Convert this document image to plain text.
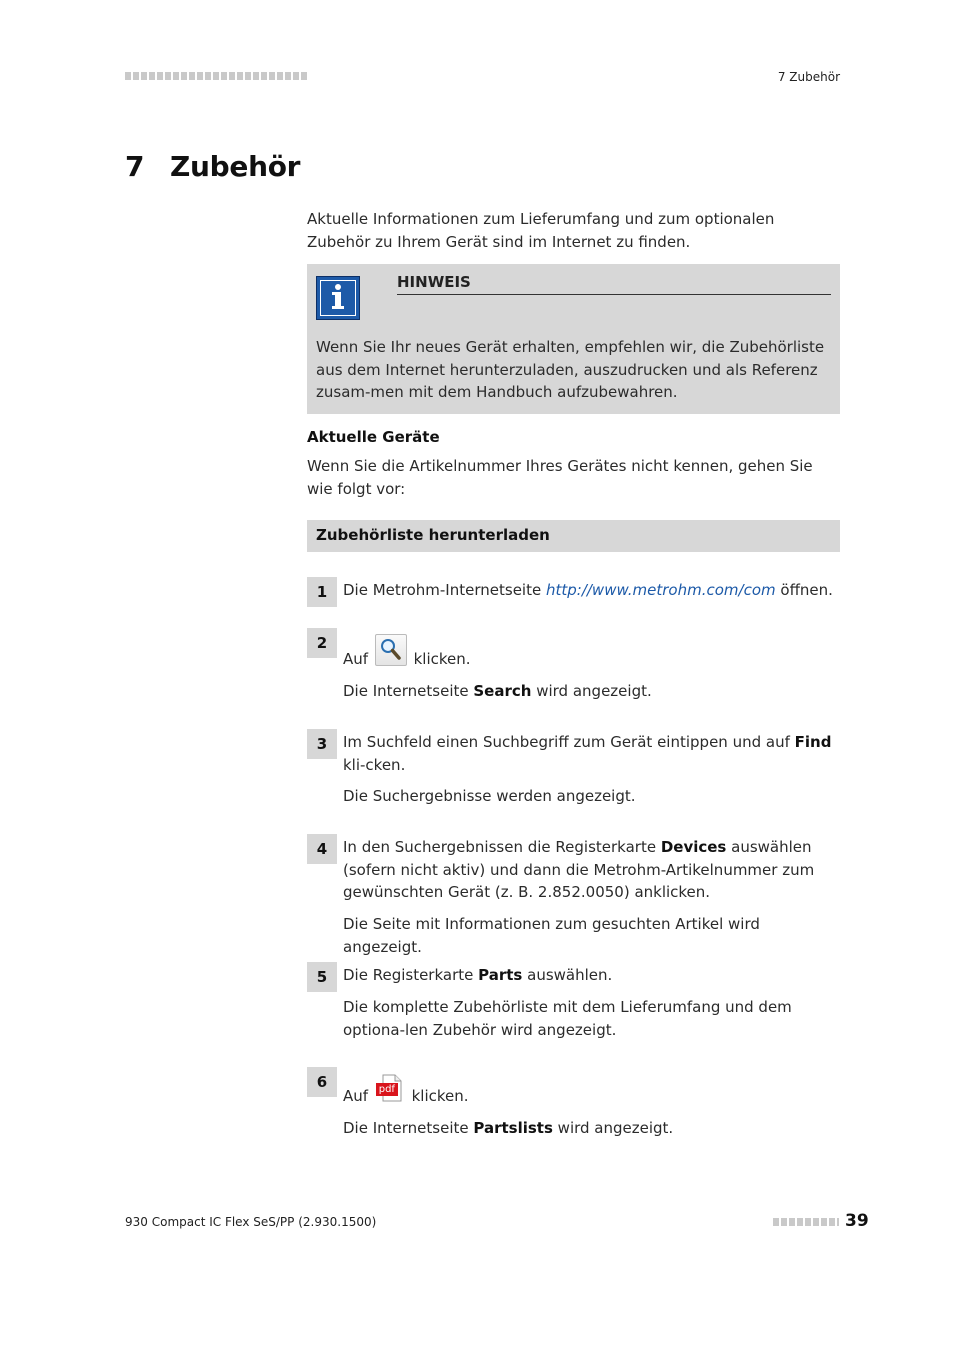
7 Zubehör
7 Zubehör
Aktuelle Informationen zum Lieferumfang und zum optionalen Zubehör zu Ihrem Gerät sind im Internet zu finden.
HINWEIS
Wenn Sie Ihr neues Gerät erhalten, empfehlen wir, die Zubehörliste aus dem Internet herunterzuladen, auszudrucken und als Referenz zusam-men mit dem Handbuch aufzubewahren.
Aktuelle Geräte
Wenn Sie die Artikelnummer Ihres Gerätes nicht kennen, gehen Sie wie folgt vor:
Zubehörliste herunterladen
1	Die Metrohm-Internetseite http://www.metrohm.com/com öffnen.
2
Auf
klicken.
Die Internetseite Search wird angezeigt.
3	Im Suchfeld einen Suchbegriff zum Gerät eintippen und auf Find kli-cken.
Die Suchergebnisse werden angezeigt.
4	In den Suchergebnissen die Registerkarte Devices auswählen (sofern nicht aktiv) und dann die Metrohm-Artikelnummer zum gewünschten Gerät (z. B. 2.852.0050) anklicken.
Die Seite mit Informationen zum gesuchten Artikel wird angezeigt.
5	Die Registerkarte Parts auswählen.
Die komplette Zubehörliste mit dem Lieferumfang und dem optiona-len Zubehör wird angezeigt.
6
Auf pdf klicken.
Die Internetseite Partslists wird angezeigt.
930 Compact IC Flex SeS/PP (2.930.1500)	39
